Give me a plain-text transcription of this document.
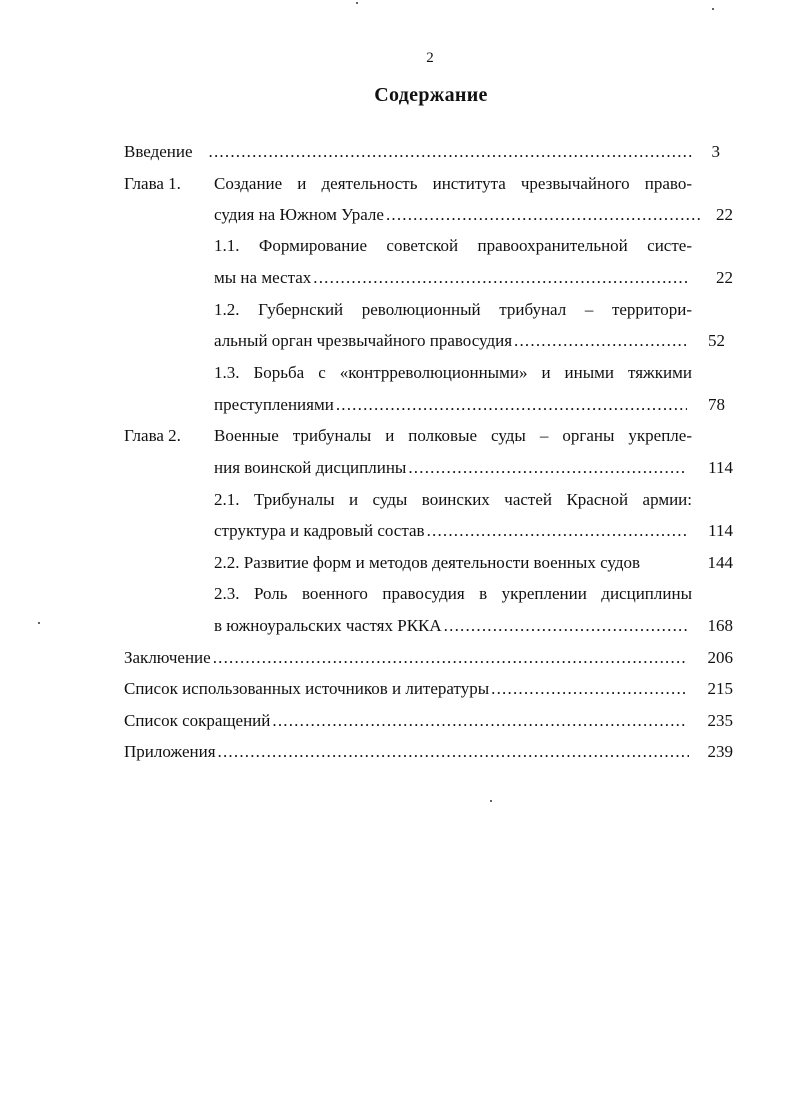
2
Содержание
Введение .....	3
Глава 1. Создание и деятельность института чрезвычайного право-
судия на Южном Урале .....	22
1.1. Формирование советской правоохранительной систе-
мы на местах .....	22
1.2. Губернский революционный трибунал – территори-
альный орган чрезвычайного правосудия .....	52
1.3. Борьба с «контрреволюционными» и иными тяжкими
преступлениями .....	78
Глава 2. Военные трибуналы и полковые суды – органы укрепле-
ния воинской дисциплины .....	114
2.1. Трибуналы и суды воинских частей Красной армии:
структура и кадровый состав .....	114
2.2. Развитие форм и методов деятельности военных судов	144
2.3. Роль военного правосудия в укреплении дисциплины
в южноуральских частях РККА .....	168
Заключение .....	206
Список использованных источников и литературы .....	215
Список сокращений .....	235
Приложения .....	239
